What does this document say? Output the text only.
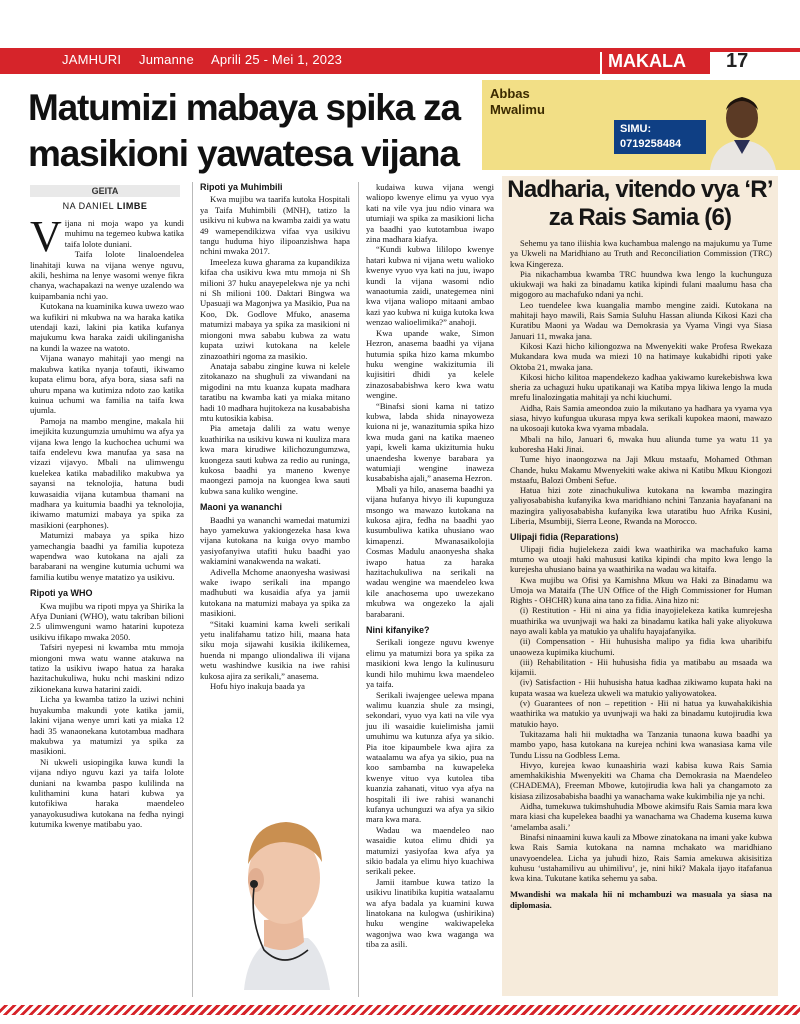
JAMHURI Jumanne Aprili 25 - Mei 1, 2023	MAKALA	17
Matumizi mabaya spika za masikioni yawatesa vijana
Abbas
Mwalimu
SIMU:
0719258484
GEITA
NA DANIEL LIMBE

Vijana ni moja wapo ya kundi muhimu na tegemeo kubwa katika taifa lolote duniani.

Taifa lolote linaloendelea linahitaji kuwa na vijana wenye nguvu, akili, heshima na lenye wasomi wenye fikra chanya, wachapakazi na wenye uzalendo wa kuipambania nchi yao.

Kutokana na kuaminika kuwa uwezo wao wa kufikiri ni mkubwa na wa haraka katika utendaji kazi, lakini pia katika kufanya majukumu kwa haraka zaidi ukilinganisha na kundi la wazee na watoto.

Vijana wanayo mahitaji yao mengi na makubwa katika nyanja tofauti, ikiwamo kupata elimu bora, afya bora, siasa safi na uhuru mpana wa kutimiza ndoto zao katika kuinua uchumi wa familia na taifa kwa ujumla.

Pamoja na mambo mengine, makala hii imejikita kuzungumzia umuhimu wa afya ya vijana kwa lengo la kuchochea uchumi wa taifa endelevu kwa manufaa ya sasa na vizazi vijavyo. Mbali na ulimwengu kuelekea katika mabadiliko makubwa ya sayansi na teknolojia, hatuna budi kuwasaidia vijana kutambua thamani na madhara ya kuitumia baadhi ya teknolojia, ikiwamo matumizi mabaya ya spika za masikioni (earphones).

Matumizi mabaya ya spika hizo yamechangia baadhi ya familia kupoteza wapendwa wao kutokana na ajali za barabarani na wengine kutumia uchumi wa familia kutibu wenye matatizo ya usikivu.

Ripoti ya WHO

Kwa mujibu wa ripoti mpya ya Shirika la Afya Duniani (WHO), watu takriban bilioni 2.5 ulimwenguni wamo hatarini kupoteza usikivu ifikapo mwaka 2050.

Tafsiri nyepesi ni kwamba mtu mmoja miongoni mwa watu wanne atakuwa na tatizo la usikivu iwapo hatua za haraka hazitachukuliwa, huku nchi maskini ndizo zikionekana kuwa hatarini zaidi.

Licha ya kwamba tatizo la uziwi nchini huyakumba makundi yote katika jamii, lakini vijana wenye umri kati ya miaka 12 hadi 35 wanaonekana kutotambua madhara makubwa ya matumizi ya spika za masikioni.

Ni ukweli usiopingika kuwa kundi la vijana ndiyo nguvu kazi ya taifa lolote duniani na kwamba paspo kulilinda na kulithamini kuna hatari kubwa ya kutofikiwa haraka maendeleo yanayokusudiwa kutokana na fedha nyingi kutumika kwenye matibabu yao.

Ripoti ya Muhimbili

Kwa mujibu wa taarifa kutoka Hospitali ya Taifa Muhimbili (MNH), tatizo la usikivu ni kubwa na kwamba zaidi ya watu 49 wamependikizwa vifaa vya usikivu tangu huduma hiyo ilipoanzishwa hapa nchini mwaka 2017.

Imeeleza kuwa gharama za kupandikiza kifaa cha usikivu kwa mtu mmoja ni Sh milioni 37 huku anayepelekwa nje ya nchi ni Sh milioni 100. Daktari Bingwa wa Upasuaji wa Magonjwa ya Masikio, Pua na Koo, Dk. Godlove Mfuko, anasema matumizi mabaya ya spika za masikioni ni miongoni mwa sababu kubwa za watu kupata uziwi kutokana na kelele zinazoathiri ngoma za masikio.

Anataja sababu zingine kuwa ni kelele zitokanazo na shughuli za viwandani na migodini na mtu kuanza kupata madhara taratibu na kwamba kati ya miaka mitano hadi 10 madhara hujitokeza na kusababisha mtu kutosikia kabisa.

Pia ametaja dalili za watu wenye kuathirika na usikivu kuwa ni kuuliza mara kwa mara kirudiwe kilichozungumzwa, kuongeza sauti kubwa za redio au runinga, kukosa baadhi ya maneno kwenye maongezi pamoja na kuongea kwa sauti kubwa sana kuliko wengine.

Maoni ya wananchi

Baadhi ya wananchi wamedai matumizi hayo yamekuwa yakiongezeka hasa kwa vijana kutokana na kuiga ovyo mambo yasiyofanyiwa utafiti huku baadhi yao wakiamini wanakwenda na wakati.

Adivella Mchome anaonyesha wasiwasi wake iwapo serikali ina mpango madhubuti wa kusaidia afya ya jamii kutokana na matumizi mabaya ya spika za masikioni.

“Sitaki kuamini kama kweli serikali yetu inalifahamu tatizo hili, maana hata siku moja sijawahi kusikia ikilikemea, huenda ni mpango uliondaliwa ili vijana wetu washindwe kusikia na iwe rahisi kukosa ajira za serikali,” anasema.

Hofu hiyo inakuja baada ya

kudaiwa kuwa vijana wengi waliopo kwenye elimu ya vyuo vya kati na vile vya juu ndio vinara wa utumiaji wa spika za masikioni licha ya baadhi yao kutotambua iwapo zina madhara kiafya.

“Kundi kubwa lililopo kwenye hatari kubwa ni vijana wetu walioko kwenye vyuo vya kati na juu, iwapo kundi la vijana wasomi ndio wanaotumia zaidi, unategemea nini kwa vijana waliopo mitaani ambao kazi yao kubwa ni kuiga kutoka kwa wenzao walioelimika?” anahoji.

Kwa upande wake, Simon Hezron, anasema baadhi ya vijana hutumia spika hizo kama mkumbo huku wengine wakizitumia ili kujisitiri dhidi ya kelele zinazosababishwa kero kwa watu wengine.

“Binafsi sioni kama ni tatizo kubwa, labda shida ninayoweza kuiona ni je, wanazitumia spika hizo kwa muda gani na katika maeneo yapi, kweli kama ukizitumia huku unaendesha kwenye barabara ya watumiaji wengine inaweza kusababisha ajali,” anasema Hezron.

Mbali ya hilo, anasema baadhi ya vijana hufanya hivyo ili kupunguza msongo wa mawazo kutokana na kukosa ajira, fedha na baadhi yao kusumbuliwa katika uhusiano wao kimapenzi. Mwanasaikolojia Cosmas Madulu anaonyesha shaka iwapo hatua za haraka hazitachukuliwa na serikali na wadau wengine wa maendeleo kwa kile anachosema upo uwezekano mkubwa wa ongezeko la ajali barabarani.

Nini kifanyike?

Serikali iongeze nguvu kwenye elimu ya matumizi bora ya spika za masikioni kwa lengo la kulinusuru kundi hilo muhimu kwa maendeleo ya taifa.

Serikali iwajengee uelewa mpana walimu kuanzia shule za msingi, sekondari, vyuo vya kati na vile vya juu ili wasaidie kuielimisha jamii umuhimu wa kutunza afya ya sikio. Pia itoe kipaumbele kwa ajira za wataalamu wa afya ya sikio, pua na koo sambamba na kuwapeleka kwenye vituo vya kutolea tiba kuanzia zahanati, vituo vya afya na hospitali ili iwe rahisi wananchi kufanya uchunguzi wa afya ya sikio mara kwa mara.

Wadau wa maendeleo nao wasaidie kutoa elimu dhidi ya matumizi yasiyofaa kwa afya ya sikio badala ya elimu hiyo kuachiwa serikali pekee.

Jamii itambue kuwa tatizo la usikivu linatibika kupitia wataalamu wa afya badala ya kuamini kuwa linatokana na kulogwa (ushirikina) huku wengine wakiwapeleka wagonjwa wao kwa waganga wa tiba za asili.

Nadharia, vitendo vya ‘R’ za Rais Samia (6)

Sehemu ya tano iliishia kwa kuchambua malengo na majukumu ya Tume ya Ukweli na Maridhiano au Truth and Reconciliation Commission (TRC) kwa Kingereza.

Pia nikachambua kwamba TRC huundwa kwa lengo la kuchunguza ukiukwaji wa haki za binadamu katika kipindi fulani maalumu hasa cha migogoro au machafuko ndani ya nchi.

Leo tuendelee kwa kuangalia mambo mengine zaidi. Kutokana na mahitaji hayo mawili, Rais Samia Suluhu Hassan aliunda Kikosi Kazi cha Kuratibu Maoni ya Wadau wa Demokrasia ya Vyama Vingi vya Siasa Januari 11, mwaka jana.

Kikosi Kazi hicho kiliongozwa na Mwenyekiti wake Profesa Rwekaza Mukandara kwa muda wa miezi 10 na hatimaye kukabidhi ripoti yake Oktoba 21, mwaka jana.

Kikosi hicho kilitoa mapendekezo kadhaa yakiwamo kurekebishwa kwa sheria za uchaguzi huku upatikanaji wa Katiba mpya likiwa lengo la muda mrefu linalozingatia mahitaji ya nchi kiuchumi.

Aidha, Rais Samia ameondoa zuio la mikutano ya hadhara ya vyama vya siasa, hivyo kufungua ukurasa mpya kwa serikali kupokea maoni, mawazo na ukosoaji kutoka kwa vyama mbadala.

Mbali na hilo, Januari 6, mwaka huu aliunda tume ya watu 11 ya kuboresha Haki Jinai.

Tume hiyo inaongozwa na Jaji Mkuu mstaafu, Mohamed Othman Chande, huku Makamu Mwenyekiti wake akiwa ni Katibu Mkuu Kiongozi mstaafu, Balozi Ombeni Sefue.

Hatua hizi zote zinachukuliwa kutokana na kwamba mazingira yaliyosababisha kufanyika kwa maridhiano nchini Tanzania hayafanani na mazingira yaliyosababisha kufanyika kwa utaratibu huo Afrika Kusini, Liberia, Msumbiji, Sierra Leone, Rwanda na Morocco.

Ulipaji fidia (Reparations)

Ulipaji fidia hujielekeza zaidi kwa waathirika wa machafuko kama mtumo wa utoaji haki mahususi katika kipindi cha mpito kwa lengo la kurejesha uhusiano baina ya waathirika na wadau wa kitaifa.

Kwa mujibu wa Ofisi ya Kamishna Mkuu wa Haki za Binadamu wa Umoja wa Mataifa (The UN Office of the High Commissioner for Human Rights - OHCHR) kuna aina tano za fidia. Aina hizo ni:

(i) Restitution - Hii ni aina ya fidia inayojielekeza katika kumrejesha muathirika wa uvunjwaji wa haki za binadamu katika hali yake aliyokuwa nayo awali kabla ya matukio ya uhalifu hayajafanyika.

(ii) Compensation - Hii huhusisha malipo ya fidia kwa uharibifu unaoweza kupimika kiuchumi.

(iii) Rehabilitation - Hii huhusisha fidia ya matibabu au msaada wa kijamii.

(iv) Satisfaction - Hii huhusisha hatua kadhaa zikiwamo kupata haki na kupata wasaa wa kueleza ukweli wa matukio yaliyowatokea.

(v) Guarantees of non – repetition - Hii ni hatua ya kuwahakikishia waathirika wa matukio ya uvunjwaji wa haki za binadamu kutojirudia kwa matukio hayo.

Tukitazama hali hii muktadha wa Tanzania tunaona kuwa baadhi ya mambo yapo, hasa kutokana na kurejea nchini kwa wanasiasa kama vile Tundu Lissu na Godbless Lema.

Hivyo, kurejea kwao kunaashiria wazi kabisa kuwa Rais Samia amemhakikishia Mwenyekiti wa Chama cha Demokrasia na Maendeleo (CHADEMA), Freeman Mbowe, kutojirudia kwa hali ya changamoto za kisiasa zilizosababisha baadhi ya wanachama wake kukimbilia nje ya nchi.

Aidha, tumekuwa tukimshuhudia Mbowe akimsifu Rais Samia mara kwa mara kiasi cha kupelekea baadhi ya wanachama wa Chadema kusema kuwa ‘amelamba asali.’

Binafsi ninaamini kuwa kauli za Mbowe zinatokana na imani yake kubwa kwa Rais Samia kutokana na namna mchakato wa maridhiano unavyoendelea. Licha ya juhudi hizo, Rais Samia amekuwa akisisitiza kuhusu ‘ustahamilivu au uhimilivu’, je, nini hiki? Makala ijayo itafafanua kwa kina. Tukutane katika sehemu ya saba.

Mwandishi wa makala hii ni mchambuzi wa masuala ya siasa na diplomasia.
